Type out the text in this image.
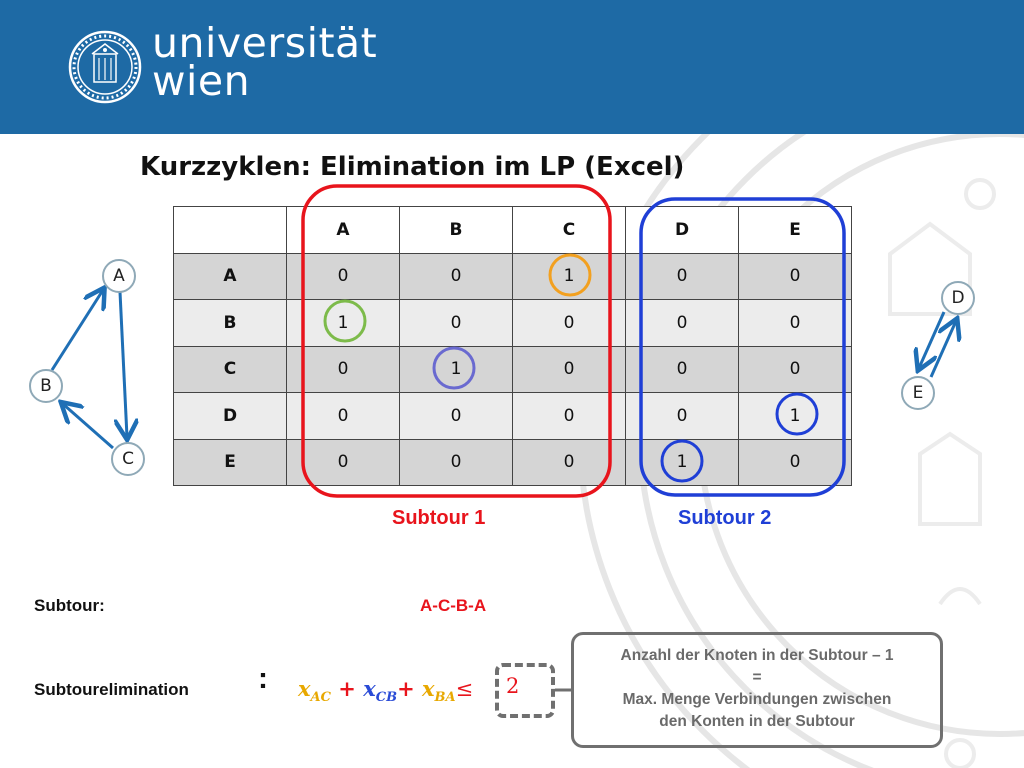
universität
wien
Kurzzyklen: Elimination im LP (Excel)
	A	B	C	D	E
A	0	0	1	0	0
B	1	0	0	0	0
C	0	1	0	0	0
D	0	0	0	0	1
E	0	0	0	1	0
A
B
C
D
E
Subtour 1	Subtour 2
Subtour:	A-C-B-A
Subtourelimination : $x_{AC} + x_{CB}+ x_{BA}\le 2$
Anzahl der Knoten in der Subtour – 1
=
Max. Menge Verbindungen zwischen
den Konten in der Subtour
